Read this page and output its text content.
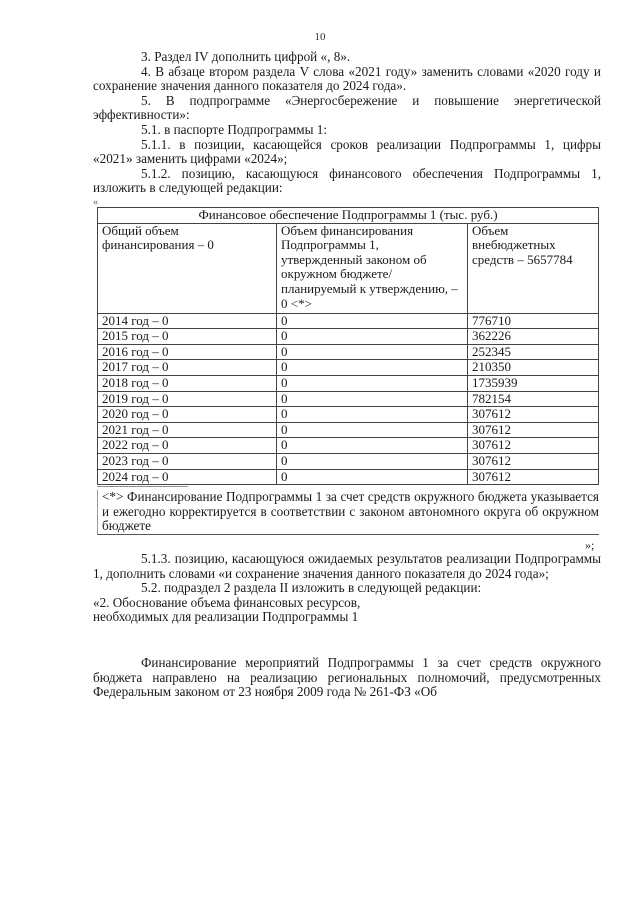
10

3. Раздел IV дополнить цифрой «, 8».

4. В абзаце втором раздела V слова «2021 году» заменить словами «2020 году и сохранение значения данного показателя до 2024 года».

5. В подпрограмме «Энергосбережение и повышение энергетической эффективности»:

5.1. в паспорте Подпрограммы 1:

5.1.1. в позиции, касающейся сроков реализации Подпрограммы 1, цифры «2021» заменить цифрами «2024»;

5.1.2. позицию, касающуюся финансового обеспечения Подпрограммы 1, изложить в следующей редакции:

«
Финансовое обеспечение Подпрограммы 1 (тыс. руб.)		
Общий объем финансирования – 0	Объем финансирования Подпрограммы 1, утвержденный законом об окружном бюджете/планируемый к утверждению, – 0 <*>	Объем внебюджетных средств – 5657784
2014 год – 0	0	776710
2015 год – 0	0	362226
2016 год – 0	0	252345
2017 год – 0	0	210350
2018 год – 0	0	1735939
2019 год – 0	0	782154
2020 год – 0	0	307612
2021 год – 0	0	307612
2022 год – 0	0	307612
2023 год – 0	0	307612
2024 год – 0	0	307612
--------------------------------

<*> Финансирование Подпрограммы 1 за счет средств окружного бюджета указывается и ежегодно корректируется в соответствии с законом автономного округа об окружном бюджете

»;

5.1.3. позицию, касающуюся ожидаемых результатов реализации Подпрограммы 1, дополнить словами «и сохранение значения данного показателя до 2024 года»;

5.2. подраздел 2 раздела II изложить в следующей редакции:

«2. Обоснование объема финансовых ресурсов,

необходимых для реализации Подпрограммы 1

Финансирование мероприятий Подпрограммы 1 за счет средств окружного бюджета направлено на реализацию региональных полномочий, предусмотренных Федеральным законом от 23 ноября 2009 года № 261-ФЗ «Об
